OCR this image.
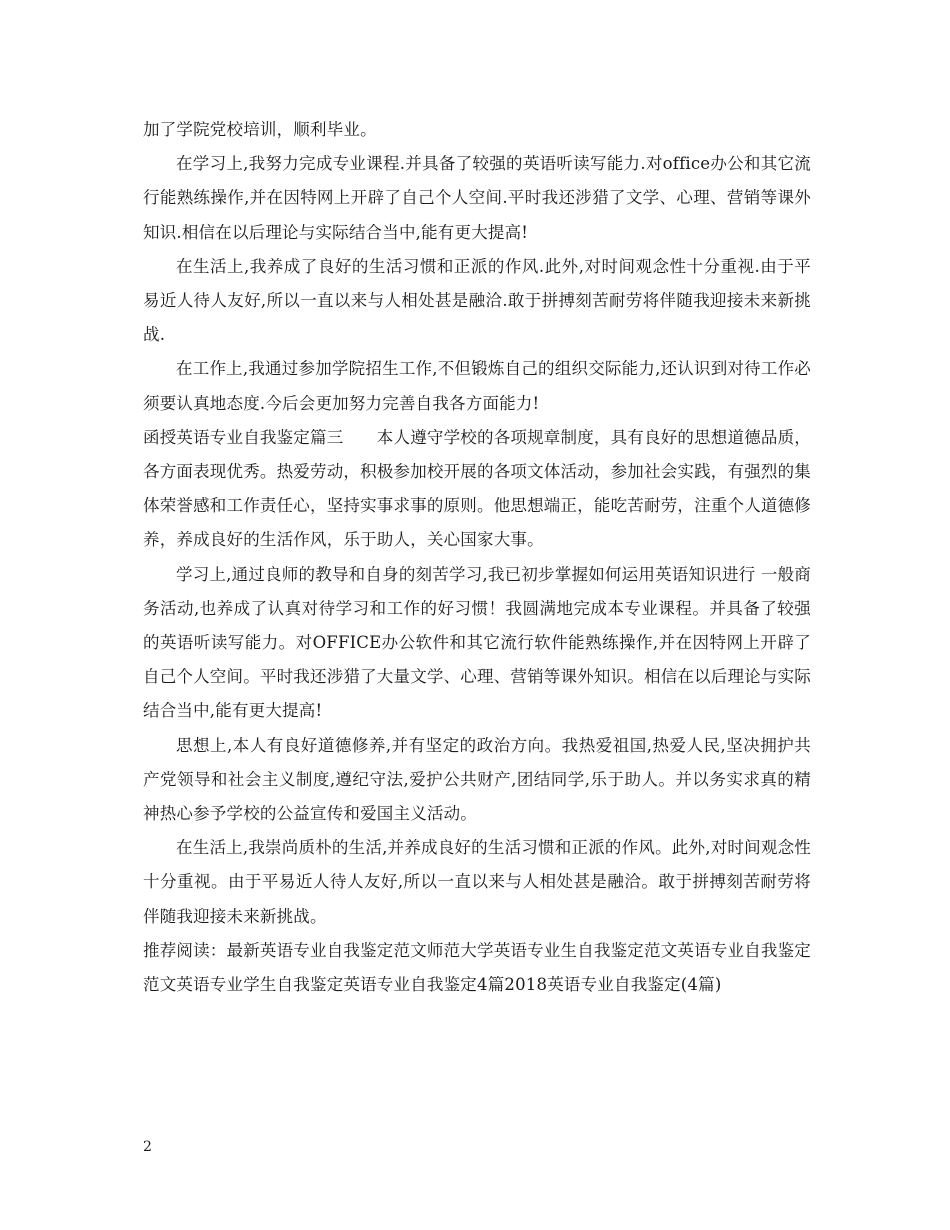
加了学院党校培训，顺利毕业。

在学习上,我努力完成专业课程.并具备了较强的英语听读写能力.对office办公和其它流行能熟练操作,并在因特网上开辟了自己个人空间.平时我还涉猎了文学、心理、营销等课外知识.相信在以后理论与实际结合当中,能有更大提高!

在生活上,我养成了良好的生活习惯和正派的作风.此外,对时间观念性十分重视.由于平易近人待人友好,所以一直以来与人相处甚是融洽.敢于拼搏刻苦耐劳将伴随我迎接未来新挑战.

在工作上,我通过参加学院招生工作,不但锻炼自己的组织交际能力,还认识到对待工作必须要认真地态度.今后会更加努力完善自我各方面能力!

函授英语专业自我鉴定篇三　　本人遵守学校的各项规章制度，具有良好的思想道德品质，各方面表现优秀。热爱劳动，积极参加校开展的各项文体活动，参加社会实践，有强烈的集体荣誉感和工作责任心，坚持实事求事的原则。他思想端正，能吃苦耐劳，注重个人道德修养，养成良好的生活作风，乐于助人，关心国家大事。

学习上,通过良师的教导和自身的刻苦学习,我已初步掌握如何运用英语知识进行 一般商务活动,也养成了认真对待学习和工作的好习惯！我圆满地完成本专业课程。并具备了较强的英语听读写能力。对OFFICE办公软件和其它流行软件能熟练操作,并在因特网上开辟了自己个人空间。平时我还涉猎了大量文学、心理、营销等课外知识。相信在以后理论与实际结合当中,能有更大提高!

思想上,本人有良好道德修养,并有坚定的政治方向。我热爱祖国,热爱人民,坚决拥护共产党领导和社会主义制度,遵纪守法,爱护公共财产,团结同学,乐于助人。并以务实求真的精神热心参予学校的公益宣传和爱国主义活动。

在生活上,我崇尚质朴的生活,并养成良好的生活习惯和正派的作风。此外,对时间观念性十分重视。由于平易近人待人友好,所以一直以来与人相处甚是融洽。敢于拼搏刻苦耐劳将伴随我迎接未来新挑战。

推荐阅读：最新英语专业自我鉴定范文师范大学英语专业生自我鉴定范文英语专业自我鉴定范文英语专业学生自我鉴定英语专业自我鉴定4篇2018英语专业自我鉴定(4篇)

2
